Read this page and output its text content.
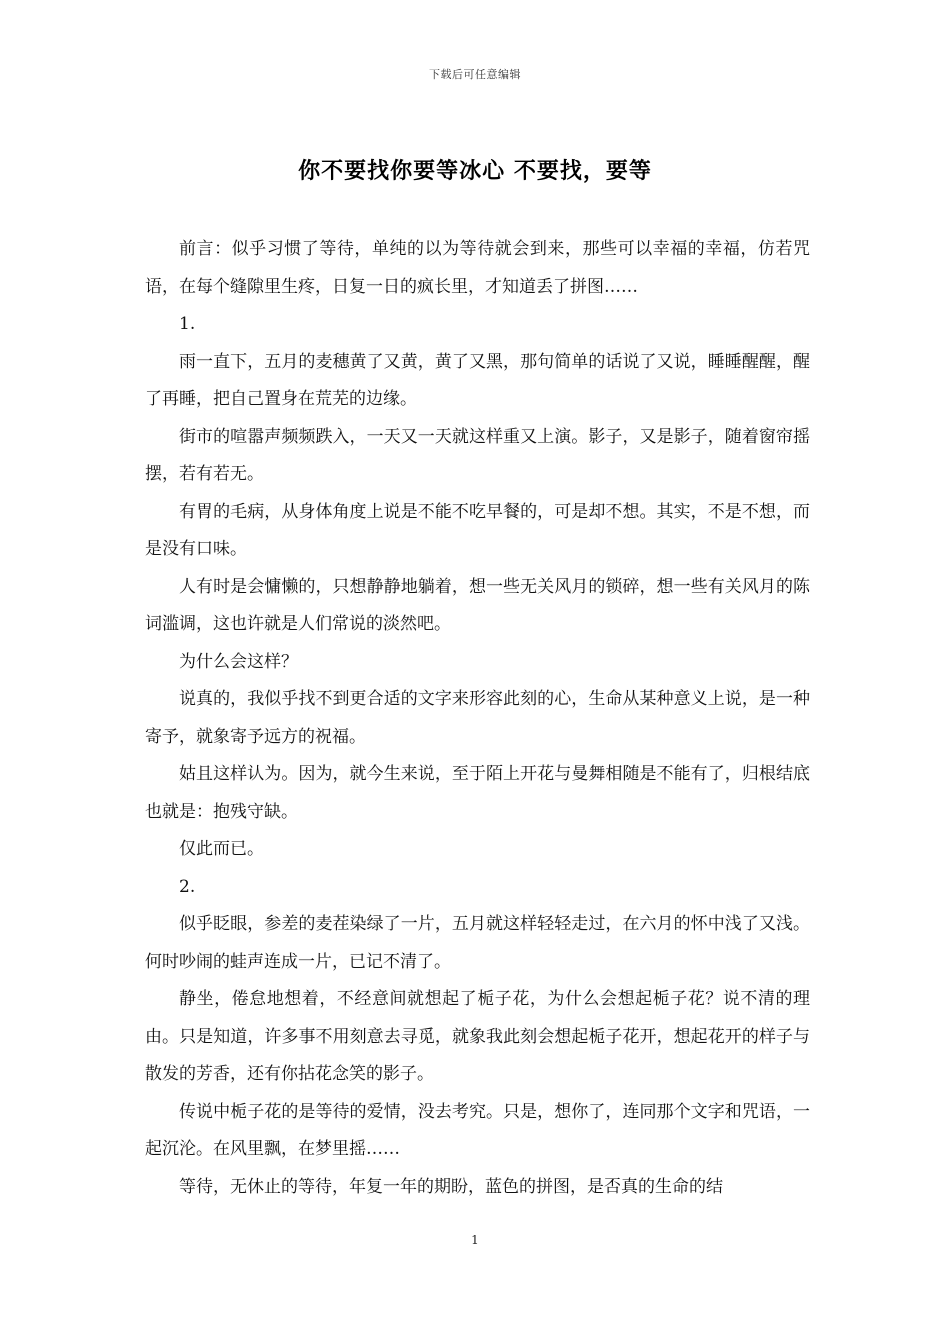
下载后可任意编辑
你不要找你要等冰心 不要找，要等

前言：似乎习惯了等待，单纯的以为等待就会到来，那些可以幸福的幸福，仿若咒语，在每个缝隙里生疼，日复一日的疯长里，才知道丢了拼图……

1.

雨一直下，五月的麦穗黄了又黄，黄了又黑，那句简单的话说了又说，睡睡醒醒，醒了再睡，把自己置身在荒芜的边缘。

街市的喧嚣声频频跌入，一天又一天就这样重又上演。影子，又是影子，随着窗帘摇摆，若有若无。

有胃的毛病，从身体角度上说是不能不吃早餐的，可是却不想。其实，不是不想，而是没有口味。

人有时是会慵懒的，只想静静地躺着，想一些无关风月的锁碎，想一些有关风月的陈词滥调，这也许就是人们常说的淡然吧。

为什么会这样？

说真的，我似乎找不到更合适的文字来形容此刻的心，生命从某种意义上说，是一种寄予，就象寄予远方的祝福。

姑且这样认为。因为，就今生来说，至于陌上开花与曼舞相随是不能有了，归根结底也就是：抱残守缺。

仅此而已。

2.

似乎眨眼，参差的麦茬染绿了一片，五月就这样轻轻走过，在六月的怀中浅了又浅。何时吵闹的蛙声连成一片，已记不清了。

静坐，倦怠地想着，不经意间就想起了栀子花，为什么会想起栀子花？说不清的理由。只是知道，许多事不用刻意去寻觅，就象我此刻会想起栀子花开，想起花开的样子与散发的芳香，还有你拈花念笑的影子。

传说中栀子花的是等待的爱情，没去考究。只是，想你了，连同那个文字和咒语，一起沉沦。在风里飘，在梦里摇……

等待，无休止的等待，年复一年的期盼，蓝色的拼图，是否真的生命的结

1
